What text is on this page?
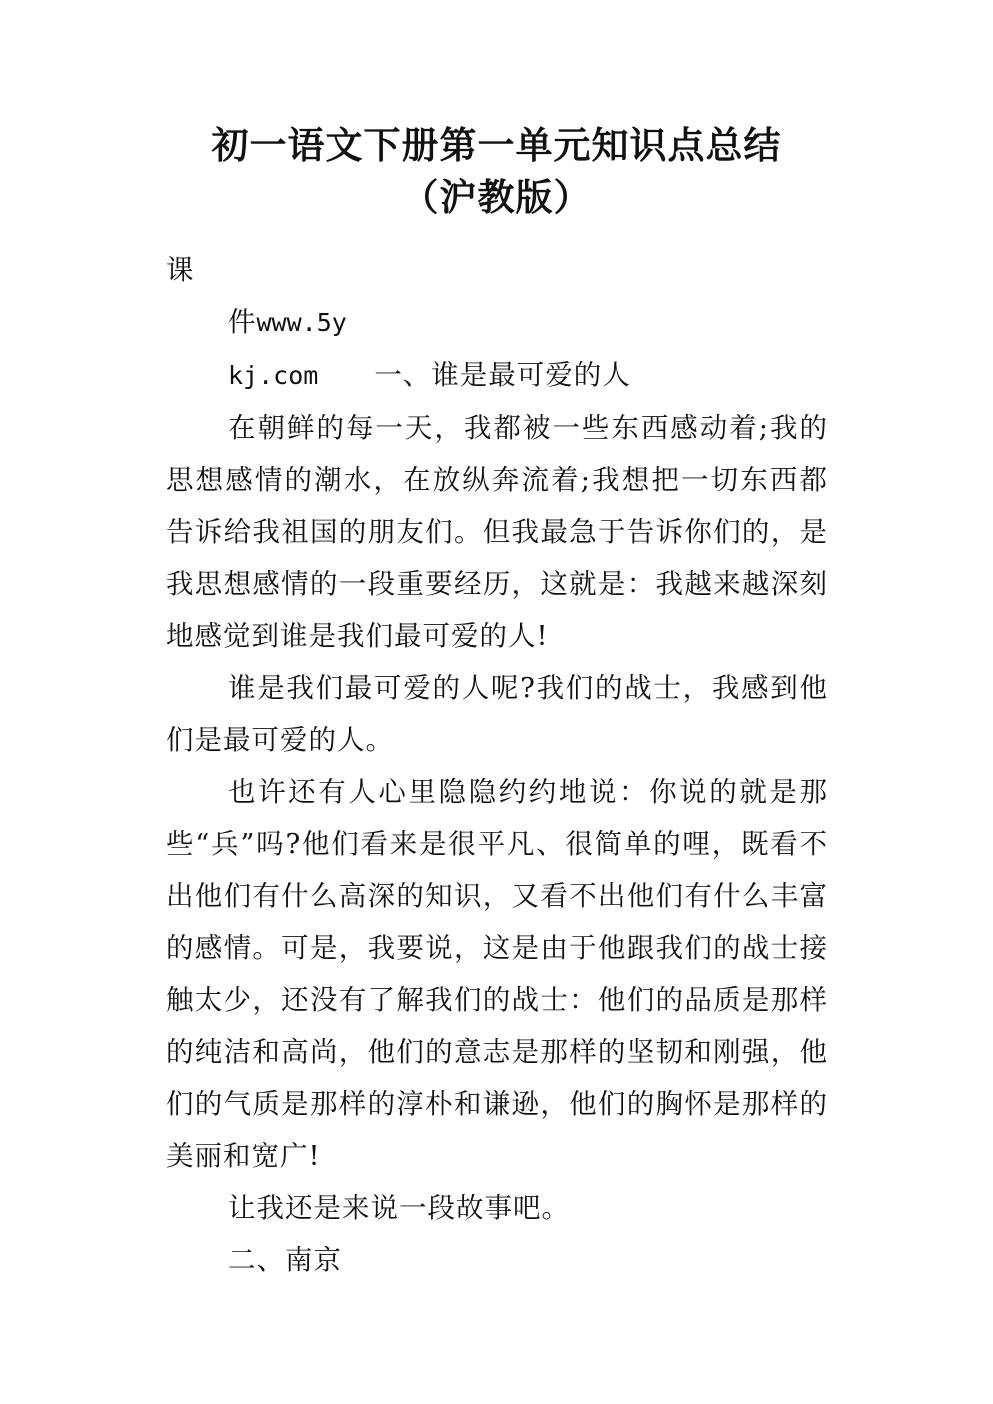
初一语文下册第一单元知识点总结
（沪教版）

课

件www.5y

kj.com 一、谁是最可爱的人

在朝鲜的每一天，我都被一些东西感动着;我的思想感情的潮水，在放纵奔流着;我想把一切东西都告诉给我祖国的朋友们。但我最急于告诉你们的，是我思想感情的一段重要经历，这就是：我越来越深刻地感觉到谁是我们最可爱的人!

谁是我们最可爱的人呢?我们的战士，我感到他们是最可爱的人。

也许还有人心里隐隐约约地说：你说的就是那些“兵”吗?他们看来是很平凡、很简单的哩，既看不出他们有什么高深的知识，又看不出他们有什么丰富的感情。可是，我要说，这是由于他跟我们的战士接触太少，还没有了解我们的战士：他们的品质是那样的纯洁和高尚，他们的意志是那样的坚韧和刚强，他们的气质是那样的淳朴和谦逊，他们的胸怀是那样的美丽和宽广!

让我还是来说一段故事吧。

二、南京
